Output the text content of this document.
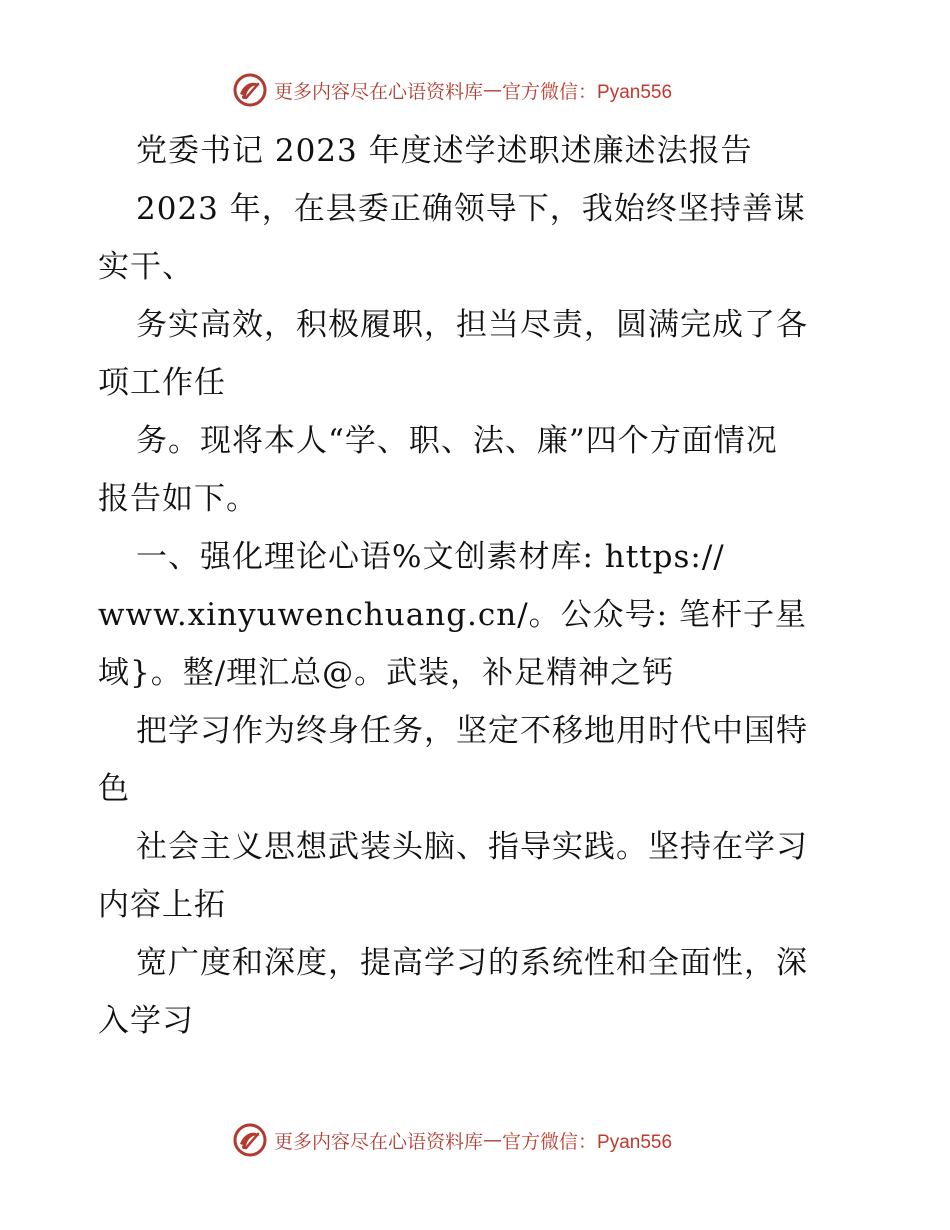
更多内容尽在心语资料库 — 官方微信：Pyan556
党委书记 2023 年度述学述职述廉述法报告
2023 年，在县委正确领导下，我始终坚持善谋
实干、
务实高效，积极履职，担当尽责，圆满完成了各
项工作任
务。现将本人“学、职、法、廉”四个方面情况
报告如下。
一、强化理论心语%文创素材库: https://
www.xinyuwenchuang.cn/。公众号: 笔杆子星
域}。整/理汇总@。武装，补足精神之钙
把学习作为终身任务，坚定不移地用时代中国特
色
社会主义思想武装头脑、指导实践。坚持在学习
内容上拓
宽广度和深度，提高学习的系统性和全面性，深
入学习
更多内容尽在心语资料库 — 官方微信：Pyan556
